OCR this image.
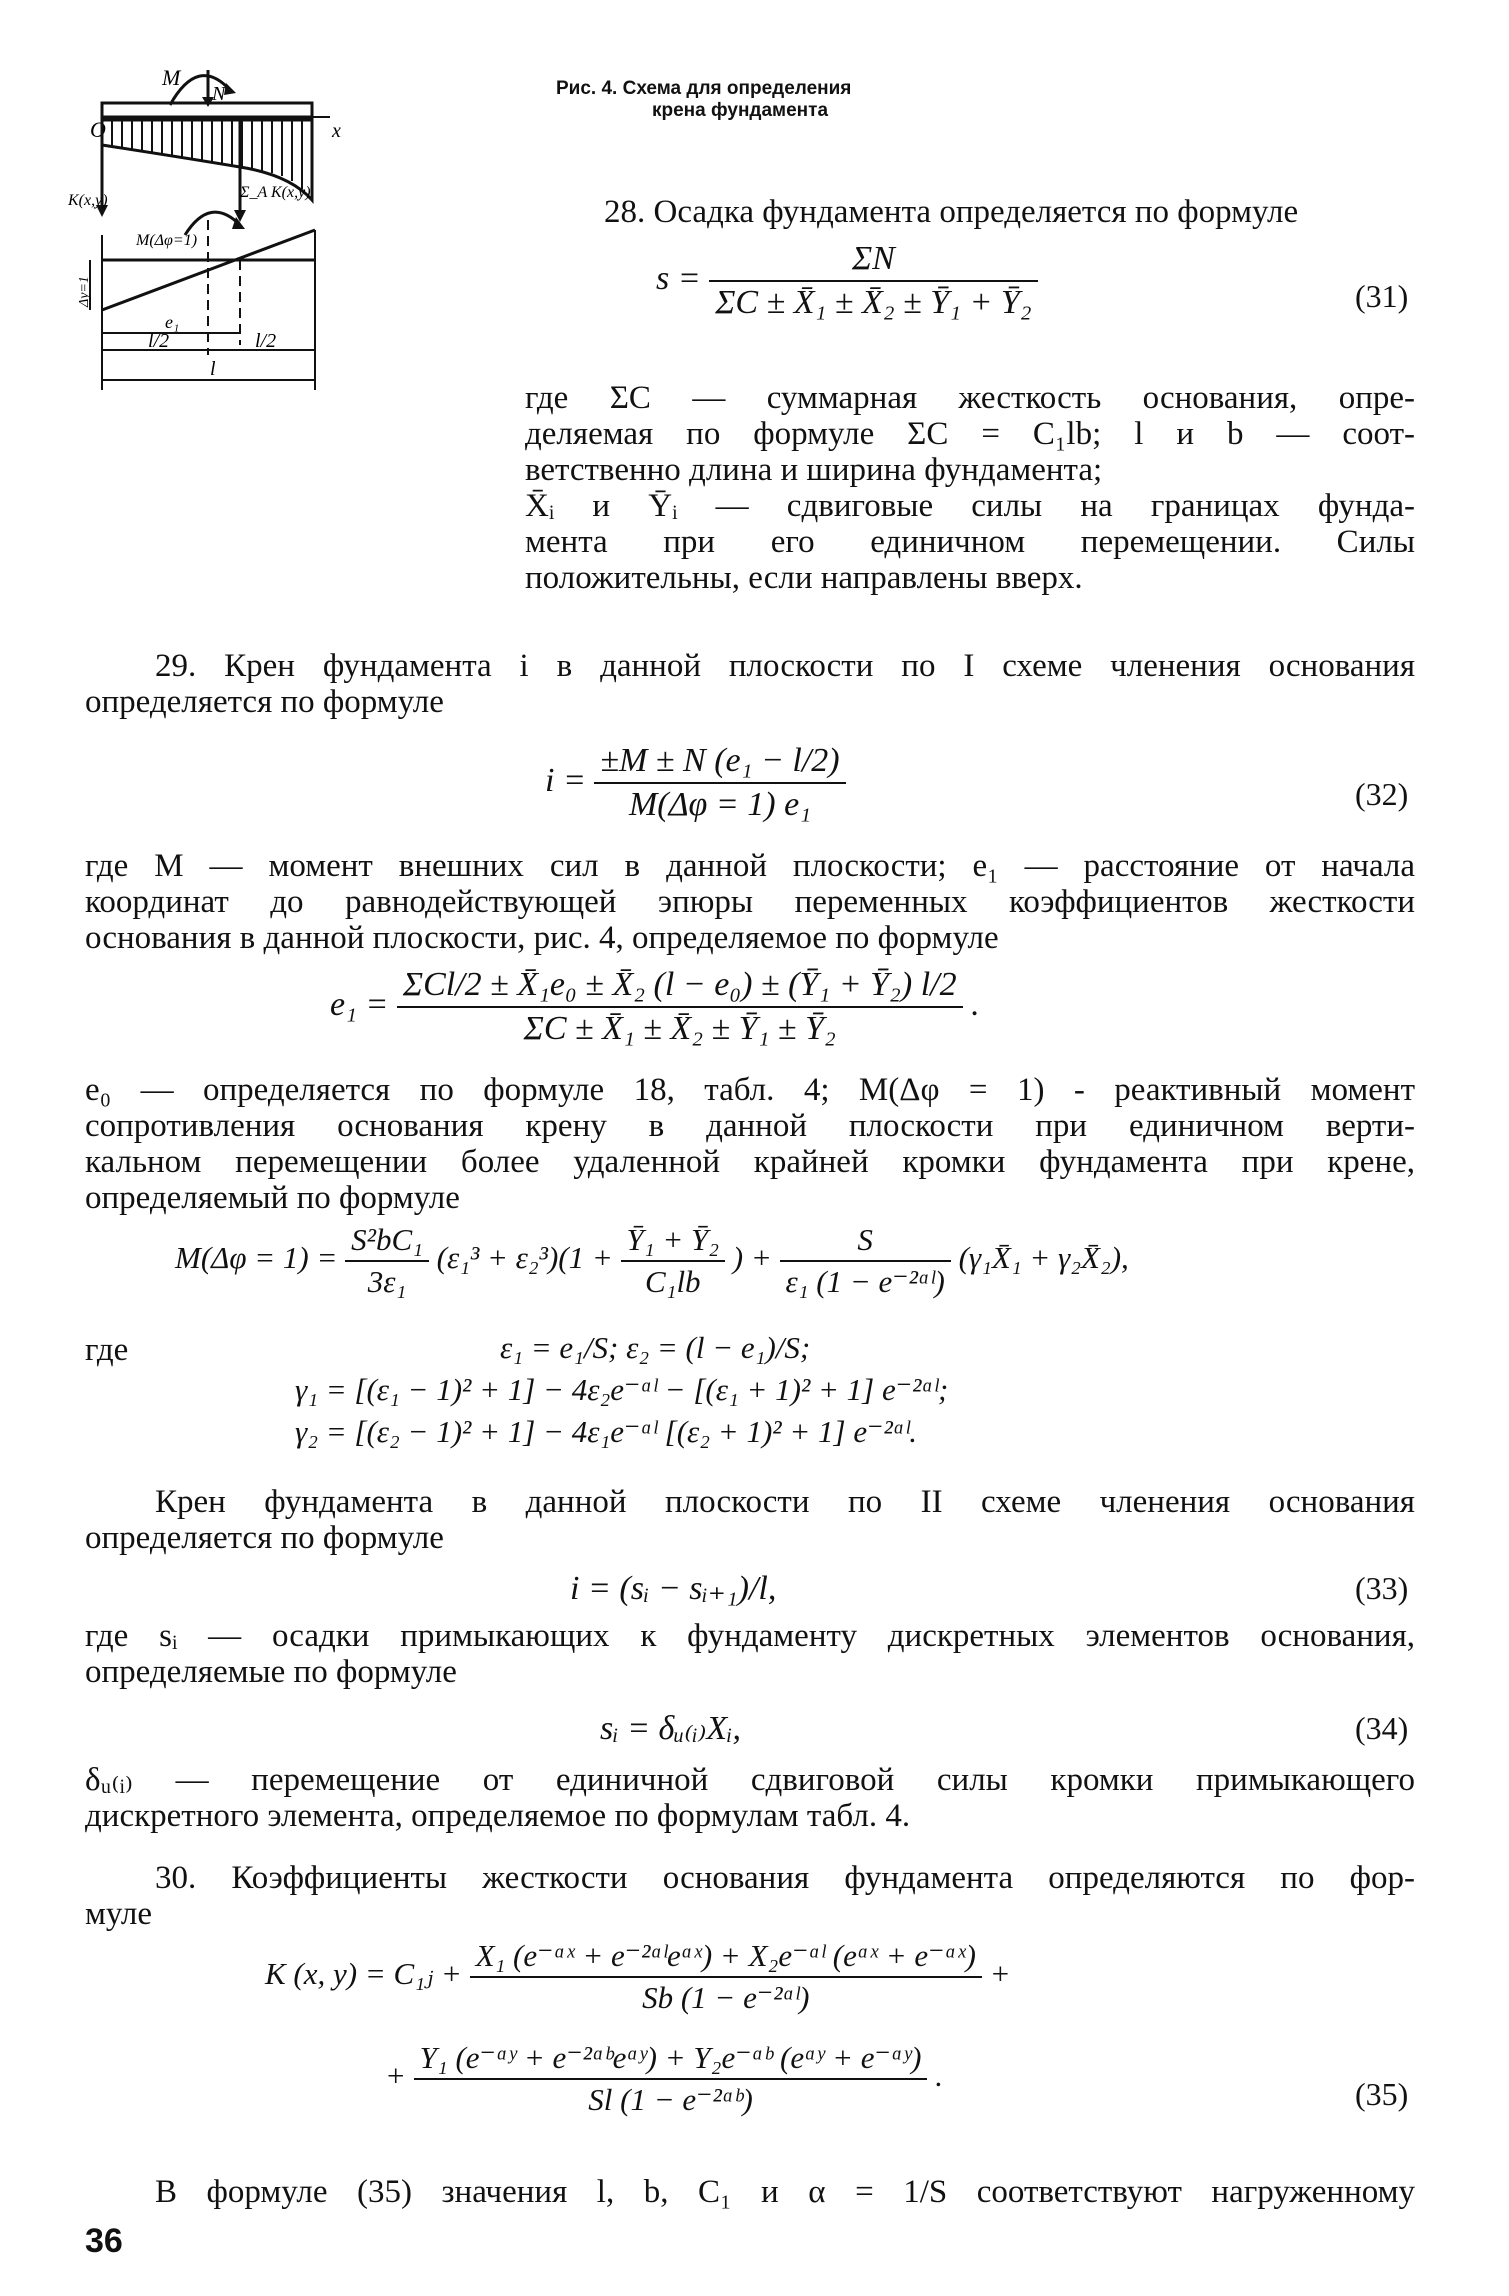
M
N
O	x
K(x,y)	Σ_A K(x,y)
M(Δφ=1)
Δy=1
e₁
l/2	l/2
l
Рис. 4. Схема для определения
крена фундамента
28. Осадка фундамента определяется по формуле
$s = \frac{\Sigma N}{\text{ΣC ± X̄₁ ± X̄₂ ± Ȳ₁ + Ȳ₂}}$	(31)
где ΣC — суммарная жесткость основания, опре-
деляемая по формуле ΣC = C₁lb; l и b — соот-
ветственно длина и ширина фундамента;
X̄ᵢ и Ȳᵢ — сдвиговые силы на границах фунда-
мента при его единичном перемещении. Силы
положительны, если направлены вверх.
29. Крен фундамента i в данной плоскости по I схеме членения основания
определяется по формуле
$i = \frac{\text{±M ± N (e₁ − l/2)}}{\text{M(Δφ = 1) e₁}}$	(32)
где M — момент внешних сил в данной плоскости; e₁ — расстояние от начала
координат до равнодействующей эпюры переменных коэффициентов жесткости
основания в данной плоскости, рис. 4, определяемое по формуле
$e_1 = \frac{\text{ΣCl/2 ± X̄₁e₀ ± X̄₂ (l − e₀) ± (Ȳ₁ + Ȳ₂) l/2}}{\text{ΣC ± X̄₁ ± X̄₂ ± Ȳ₁ ± Ȳ₂}}$ .
e₀ — определяется по формуле 18, табл. 4; M(Δφ = 1) - реактивный момент
сопротивления основания крену в данной плоскости при единичном верти-
кальном перемещении более удаленной крайней кромки фундамента при крене,
определяемый по формуле
$M(\Delta\varphi = 1) = \frac{\text{S²bC₁}}{\text{3ε₁}} (\varepsilon_1^3 + \varepsilon_2^3)(1 + \frac{\text{Ȳ₁ + Ȳ₂}}{\text{C₁lb}}$ ) + $\frac{S}{\text{ε₁ (1 − e⁻²ᵅˡ)}}$ (γ₁X̄₁ + γ₂X̄₂),
где	ε₁ = e₁/S; ε₂ = (l − e₁)/S;
γ₁ = [(ε₁ − 1)² + 1] − 4ε₂e⁻ᵅˡ − [(ε₁ + 1)² + 1] e⁻²ᵅˡ;
γ₂ = [(ε₂ − 1)² + 1] − 4ε₁e⁻ᵅˡ [(ε₂ + 1)² + 1] e⁻²ᵅˡ.
Крен фундамента в данной плоскости по II схеме членения основания
определяется по формуле
i = (sᵢ − sᵢ₊₁)/l,	(33)
где sᵢ — осадки примыкающих к фундаменту дискретных элементов основания,
определяемые по формуле
sᵢ = δᵤ₍ᵢ₎Xᵢ,	(34)
δᵤ₍ᵢ₎ — перемещение от единичной сдвиговой силы кромки примыкающего
дискретного элемента, определяемое по формулам табл. 4.
30. Коэффициенты жесткости основания фундамента определяются по фор-
муле
K (x, y) = C₁ⱼ + $\frac{\text{X₁ (e⁻ᵅˣ + e⁻²ᵅˡeᵅˣ) + X₂e⁻ᵅˡ (eᵅˣ + e⁻ᵅˣ)}}{\text{Sb (1 − e⁻²ᵅˡ)}}$ +
+ $\frac{\text{Y₁ (e⁻ᵅʸ + e⁻²ᵅᵇeᵅʸ) + Y₂e⁻ᵅᵇ (eᵅʸ + e⁻ᵅʸ)}}{\text{Sl (1 − e⁻²ᵅᵇ)}}$ .
(35)
В формуле (35) значения l, b, C₁ и α = 1/S соответствуют нагруженному
36
